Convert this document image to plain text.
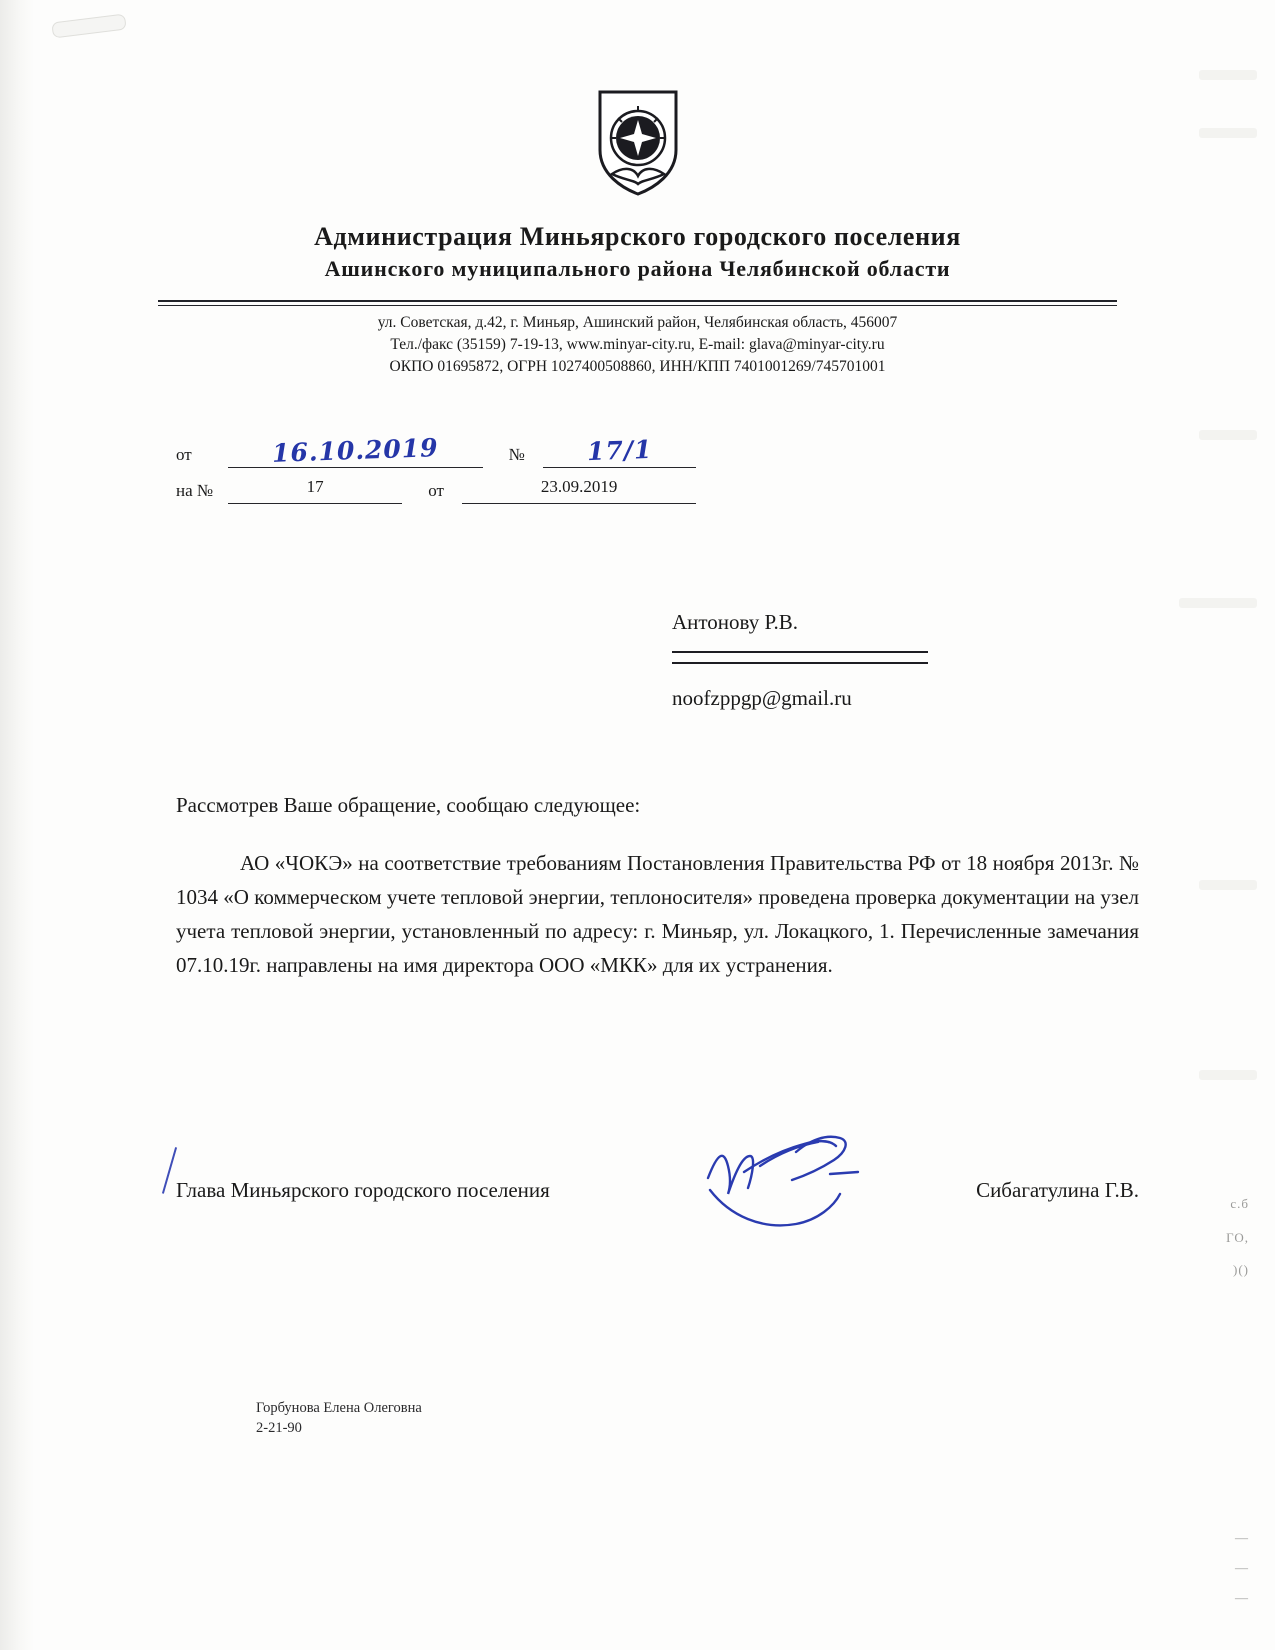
с.б
ГО,
)()
―
―
―
Администрация Миньярского городского поселения
Ашинского муниципального района Челябинской области
ул. Советская, д.42, г. Миньяр, Ашинский район, Челябинская область, 456007
Тел./факс (35159) 7-19-13, www.minyar-city.ru, E-mail: glava@minyar-city.ru
ОКПО 01695872, ОГРН 1027400508860, ИНН/КПП 7401001269/745701001
от	16.10.2019	№	17/1
на №	17	от	23.09.2019
Антонову Р.В.
noofzppgp@gmail.ru

Рассмотрев Ваше обращение, сообщаю следующее:

АО «ЧОКЭ» на соответствие требованиям Постановления Правительства РФ от 18 ноября 2013г. № 1034 «О коммерческом учете тепловой энергии, теплоносителя» проведена проверка документации на узел учета тепловой энергии, установленный по адресу: г. Миньяр, ул. Локацкого, 1. Перечисленные замечания 07.10.19г. направлены на имя директора ООО «МКК» для их устранения.

Глава Миньярского городского поселения	Сибагатулина Г.В.
Горбунова Елена Олеговна
2-21-90
